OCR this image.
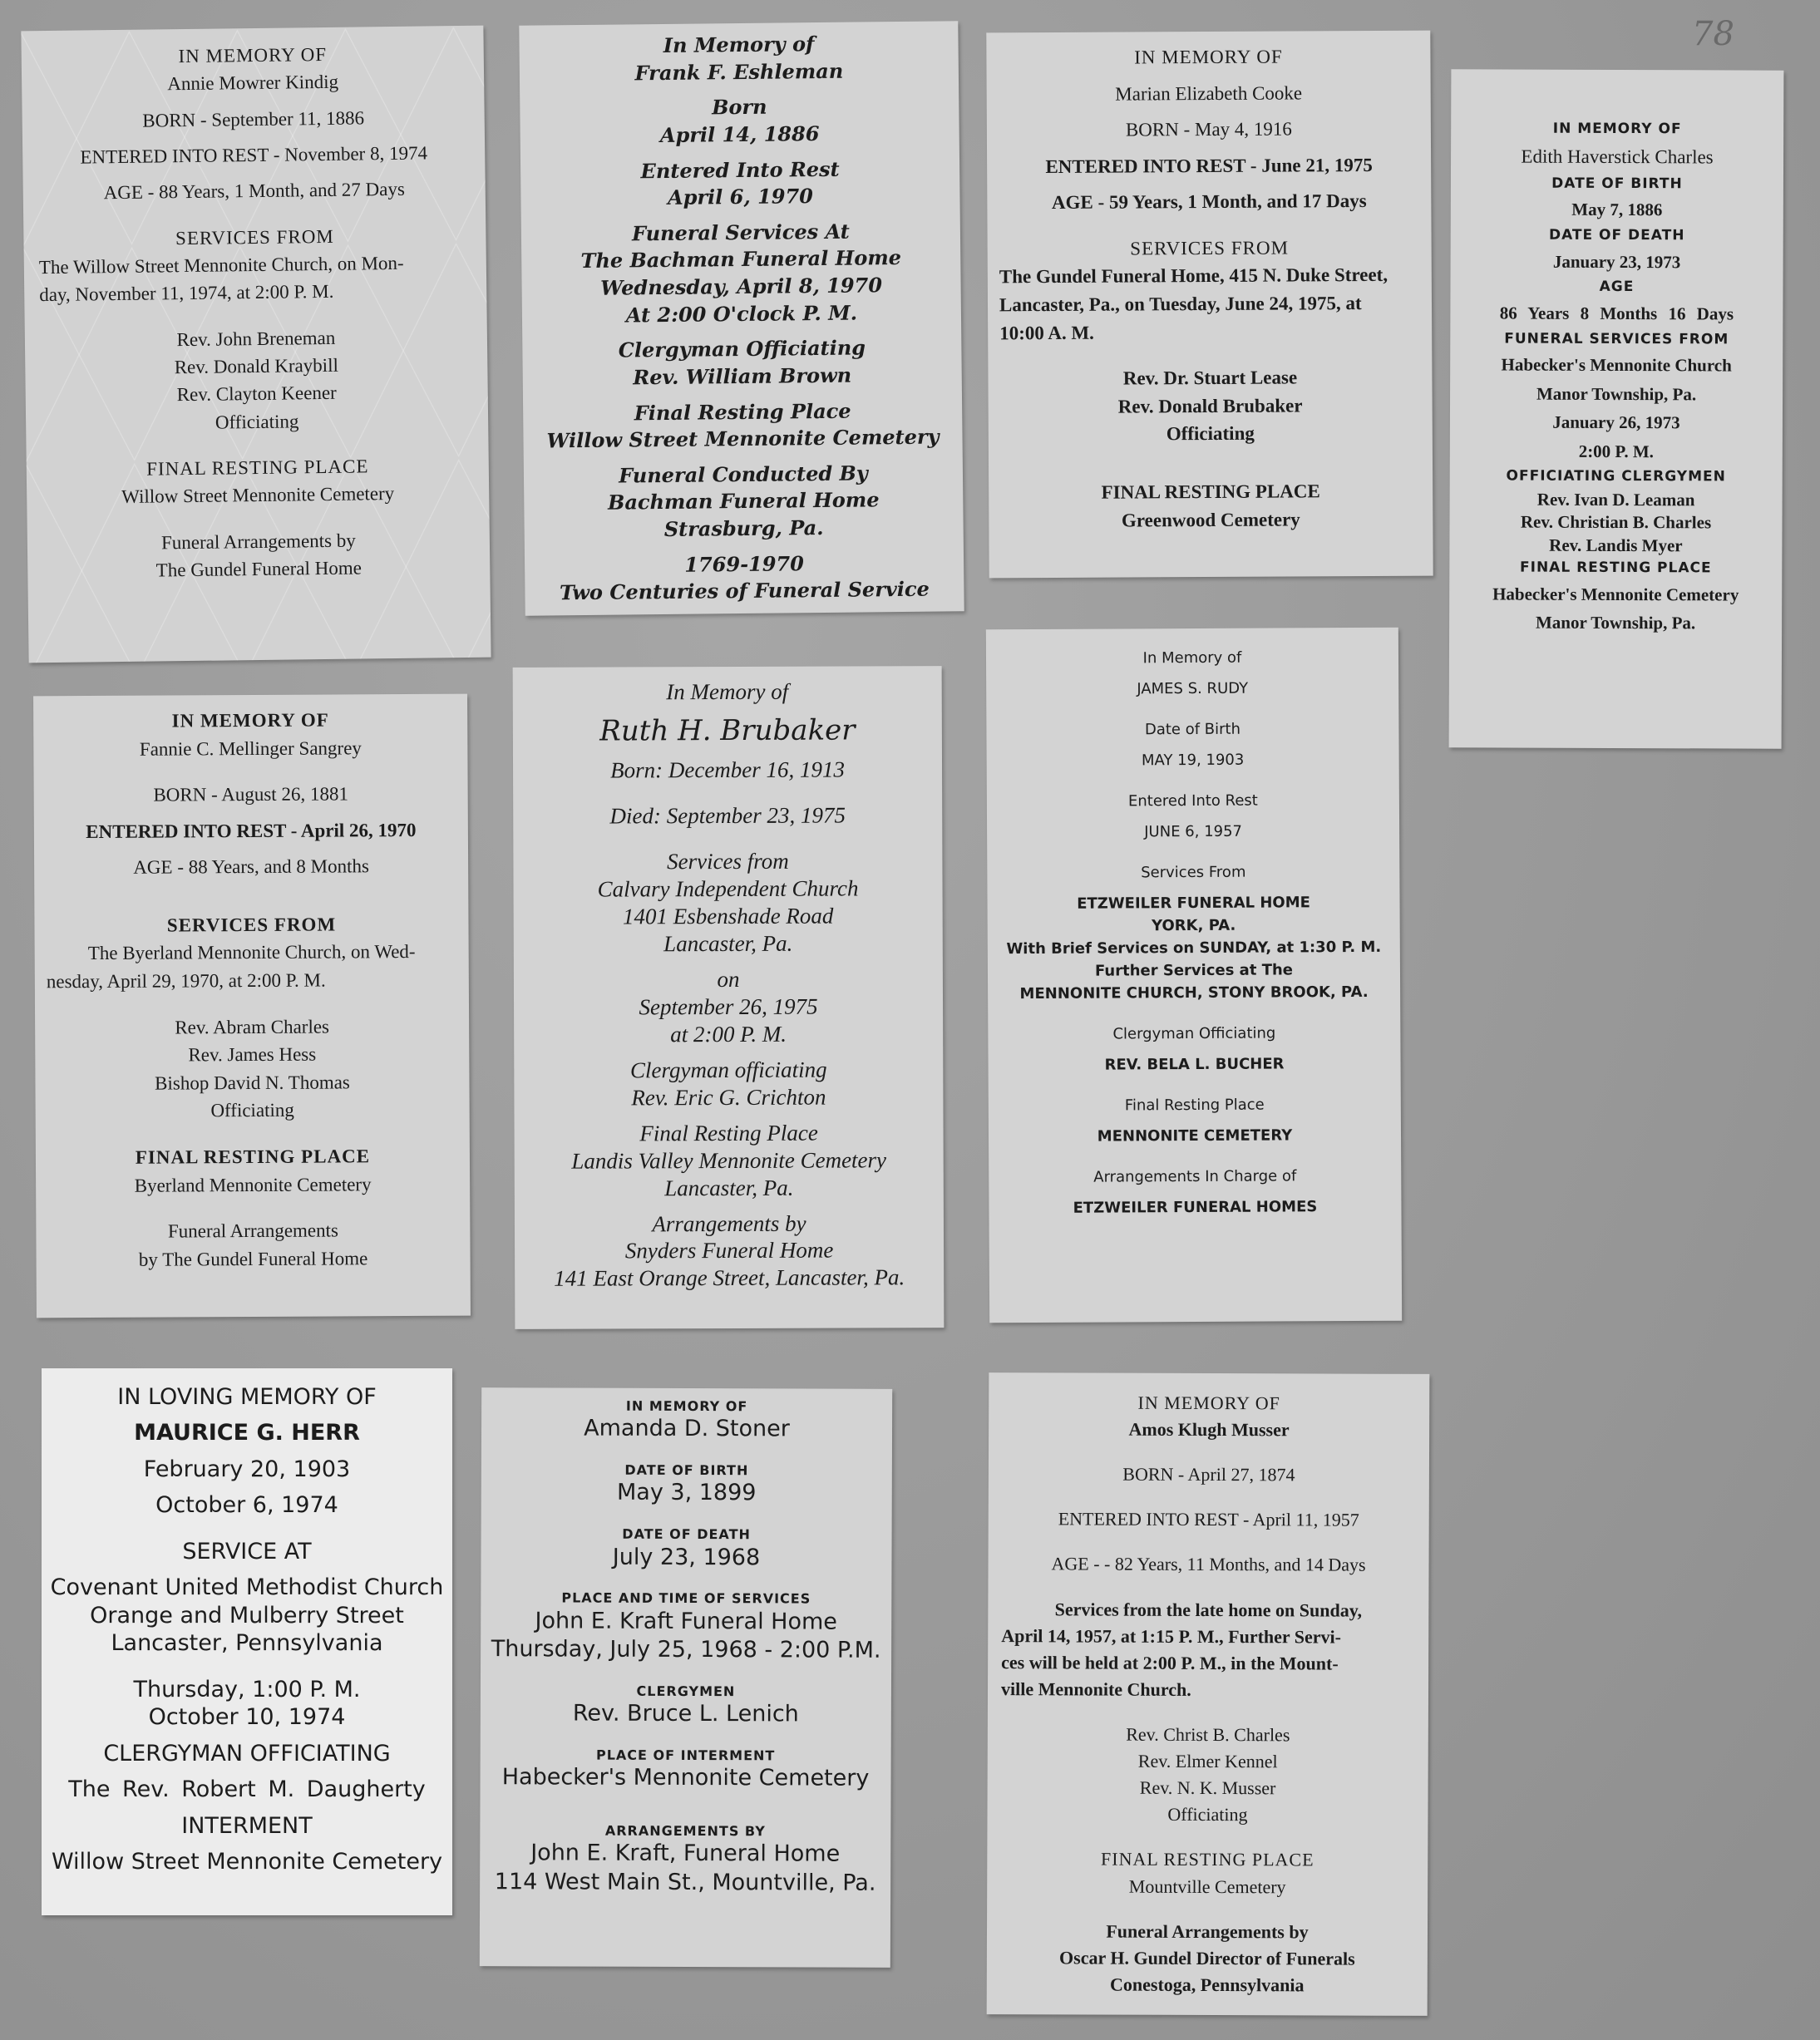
78
IN MEMORY OF
Annie Mowrer Kindig
BORN - September 11, 1886
ENTERED INTO REST - November 8, 1974
AGE - 88 Years, 1 Month, and 27 Days
SERVICES FROM
The Willow Street Mennonite Church, on Mon-
day, November 11, 1974, at 2:00 P. M.
Rev. John Breneman
Rev. Donald Kraybill
Rev. Clayton Keener
Officiating
FINAL RESTING PLACE
Willow Street Mennonite Cemetery
Funeral Arrangements by
The Gundel Funeral Home
In Memory of
Frank F. Eshleman
Born
April 14, 1886
Entered Into Rest
April 6, 1970
Funeral Services At
The Bachman Funeral Home
Wednesday, April 8, 1970
At 2:00 O'clock P. M.
Clergyman Officiating
Rev. William Brown
Final Resting Place
Willow Street Mennonite Cemetery
Funeral Conducted By
Bachman Funeral Home
Strasburg, Pa.
1769-1970
Two Centuries of Funeral Service
IN MEMORY OF
Marian Elizabeth Cooke
BORN - May 4, 1916
ENTERED INTO REST - June 21, 1975
AGE - 59 Years, 1 Month, and 17 Days
SERVICES FROM
The Gundel Funeral Home, 415 N. Duke Street,
Lancaster, Pa., on Tuesday, June 24, 1975, at
10:00 A. M.
Rev. Dr. Stuart Lease
Rev. Donald Brubaker
Officiating
FINAL RESTING PLACE
Greenwood Cemetery
IN MEMORY OF
Edith Haverstick Charles
DATE OF BIRTH
May 7, 1886
DATE OF DEATH
January 23, 1973
AGE
86 Years 8 Months 16 Days
FUNERAL SERVICES FROM
Habecker's Mennonite Church
Manor Township, Pa.
January 26, 1973
2:00 P. M.
OFFICIATING CLERGYMEN
Rev. Ivan D. Leaman
Rev. Christian B. Charles
Rev. Landis Myer
FINAL RESTING PLACE
Habecker's Mennonite Cemetery
Manor Township, Pa.
IN MEMORY OF
Fannie C. Mellinger Sangrey
BORN - August 26, 1881
ENTERED INTO REST - April 26, 1970
AGE - 88 Years, and 8 Months
SERVICES FROM
The Byerland Mennonite Church, on Wed-
nesday, April 29, 1970, at 2:00 P. M.
Rev. Abram Charles
Rev. James Hess
Bishop David N. Thomas
Officiating
FINAL RESTING PLACE
Byerland Mennonite Cemetery
Funeral Arrangements
by The Gundel Funeral Home
In Memory of
Ruth H. Brubaker
Born: December 16, 1913
Died: September 23, 1975
Services from
Calvary Independent Church
1401 Esbenshade Road
Lancaster, Pa.
on
September 26, 1975
at 2:00 P. M.
Clergyman officiating
Rev. Eric G. Crichton
Final Resting Place
Landis Valley Mennonite Cemetery
Lancaster, Pa.
Arrangements by
Snyders Funeral Home
141 East Orange Street, Lancaster, Pa.
In Memory of
JAMES S. RUDY
Date of Birth
MAY 19, 1903
Entered Into Rest
JUNE 6, 1957
Services From
ETZWEILER FUNERAL HOME
YORK, PA.
With Brief Services on SUNDAY, at 1:30 P. M.
Further Services at The
MENNONITE CHURCH, STONY BROOK, PA.
Clergyman Officiating
REV. BELA L. BUCHER
Final Resting Place
MENNONITE CEMETERY
Arrangements In Charge of
ETZWEILER FUNERAL HOMES
IN LOVING MEMORY OF
MAURICE G. HERR
February 20, 1903
October 6, 1974
SERVICE AT
Covenant United Methodist Church
Orange and Mulberry Street
Lancaster, Pennsylvania
Thursday, 1:00 P. M.
October 10, 1974
CLERGYMAN OFFICIATING
The Rev. Robert M. Daugherty
INTERMENT
Willow Street Mennonite Cemetery
IN MEMORY OF
Amanda D. Stoner
DATE OF BIRTH
May 3, 1899
DATE OF DEATH
July 23, 1968
PLACE AND TIME OF SERVICES
John E. Kraft Funeral Home
Thursday, July 25, 1968 - 2:00 P.M.
CLERGYMEN
Rev. Bruce L. Lenich
PLACE OF INTERMENT
Habecker's Mennonite Cemetery
ARRANGEMENTS BY
John E. Kraft, Funeral Home
114 West Main St., Mountville, Pa.
IN MEMORY OF
Amos Klugh Musser
BORN - April 27, 1874
ENTERED INTO REST - April 11, 1957
AGE - - 82 Years, 11 Months, and 14 Days
Services from the late home on Sunday,
April 14, 1957, at 1:15 P. M., Further Servi-
ces will be held at 2:00 P. M., in the Mount-
ville Mennonite Church.
Rev. Christ B. Charles
Rev. Elmer Kennel
Rev. N. K. Musser
Officiating
FINAL RESTING PLACE
Mountville Cemetery
Funeral Arrangements by
Oscar H. Gundel Director of Funerals
Conestoga, Pennsylvania
